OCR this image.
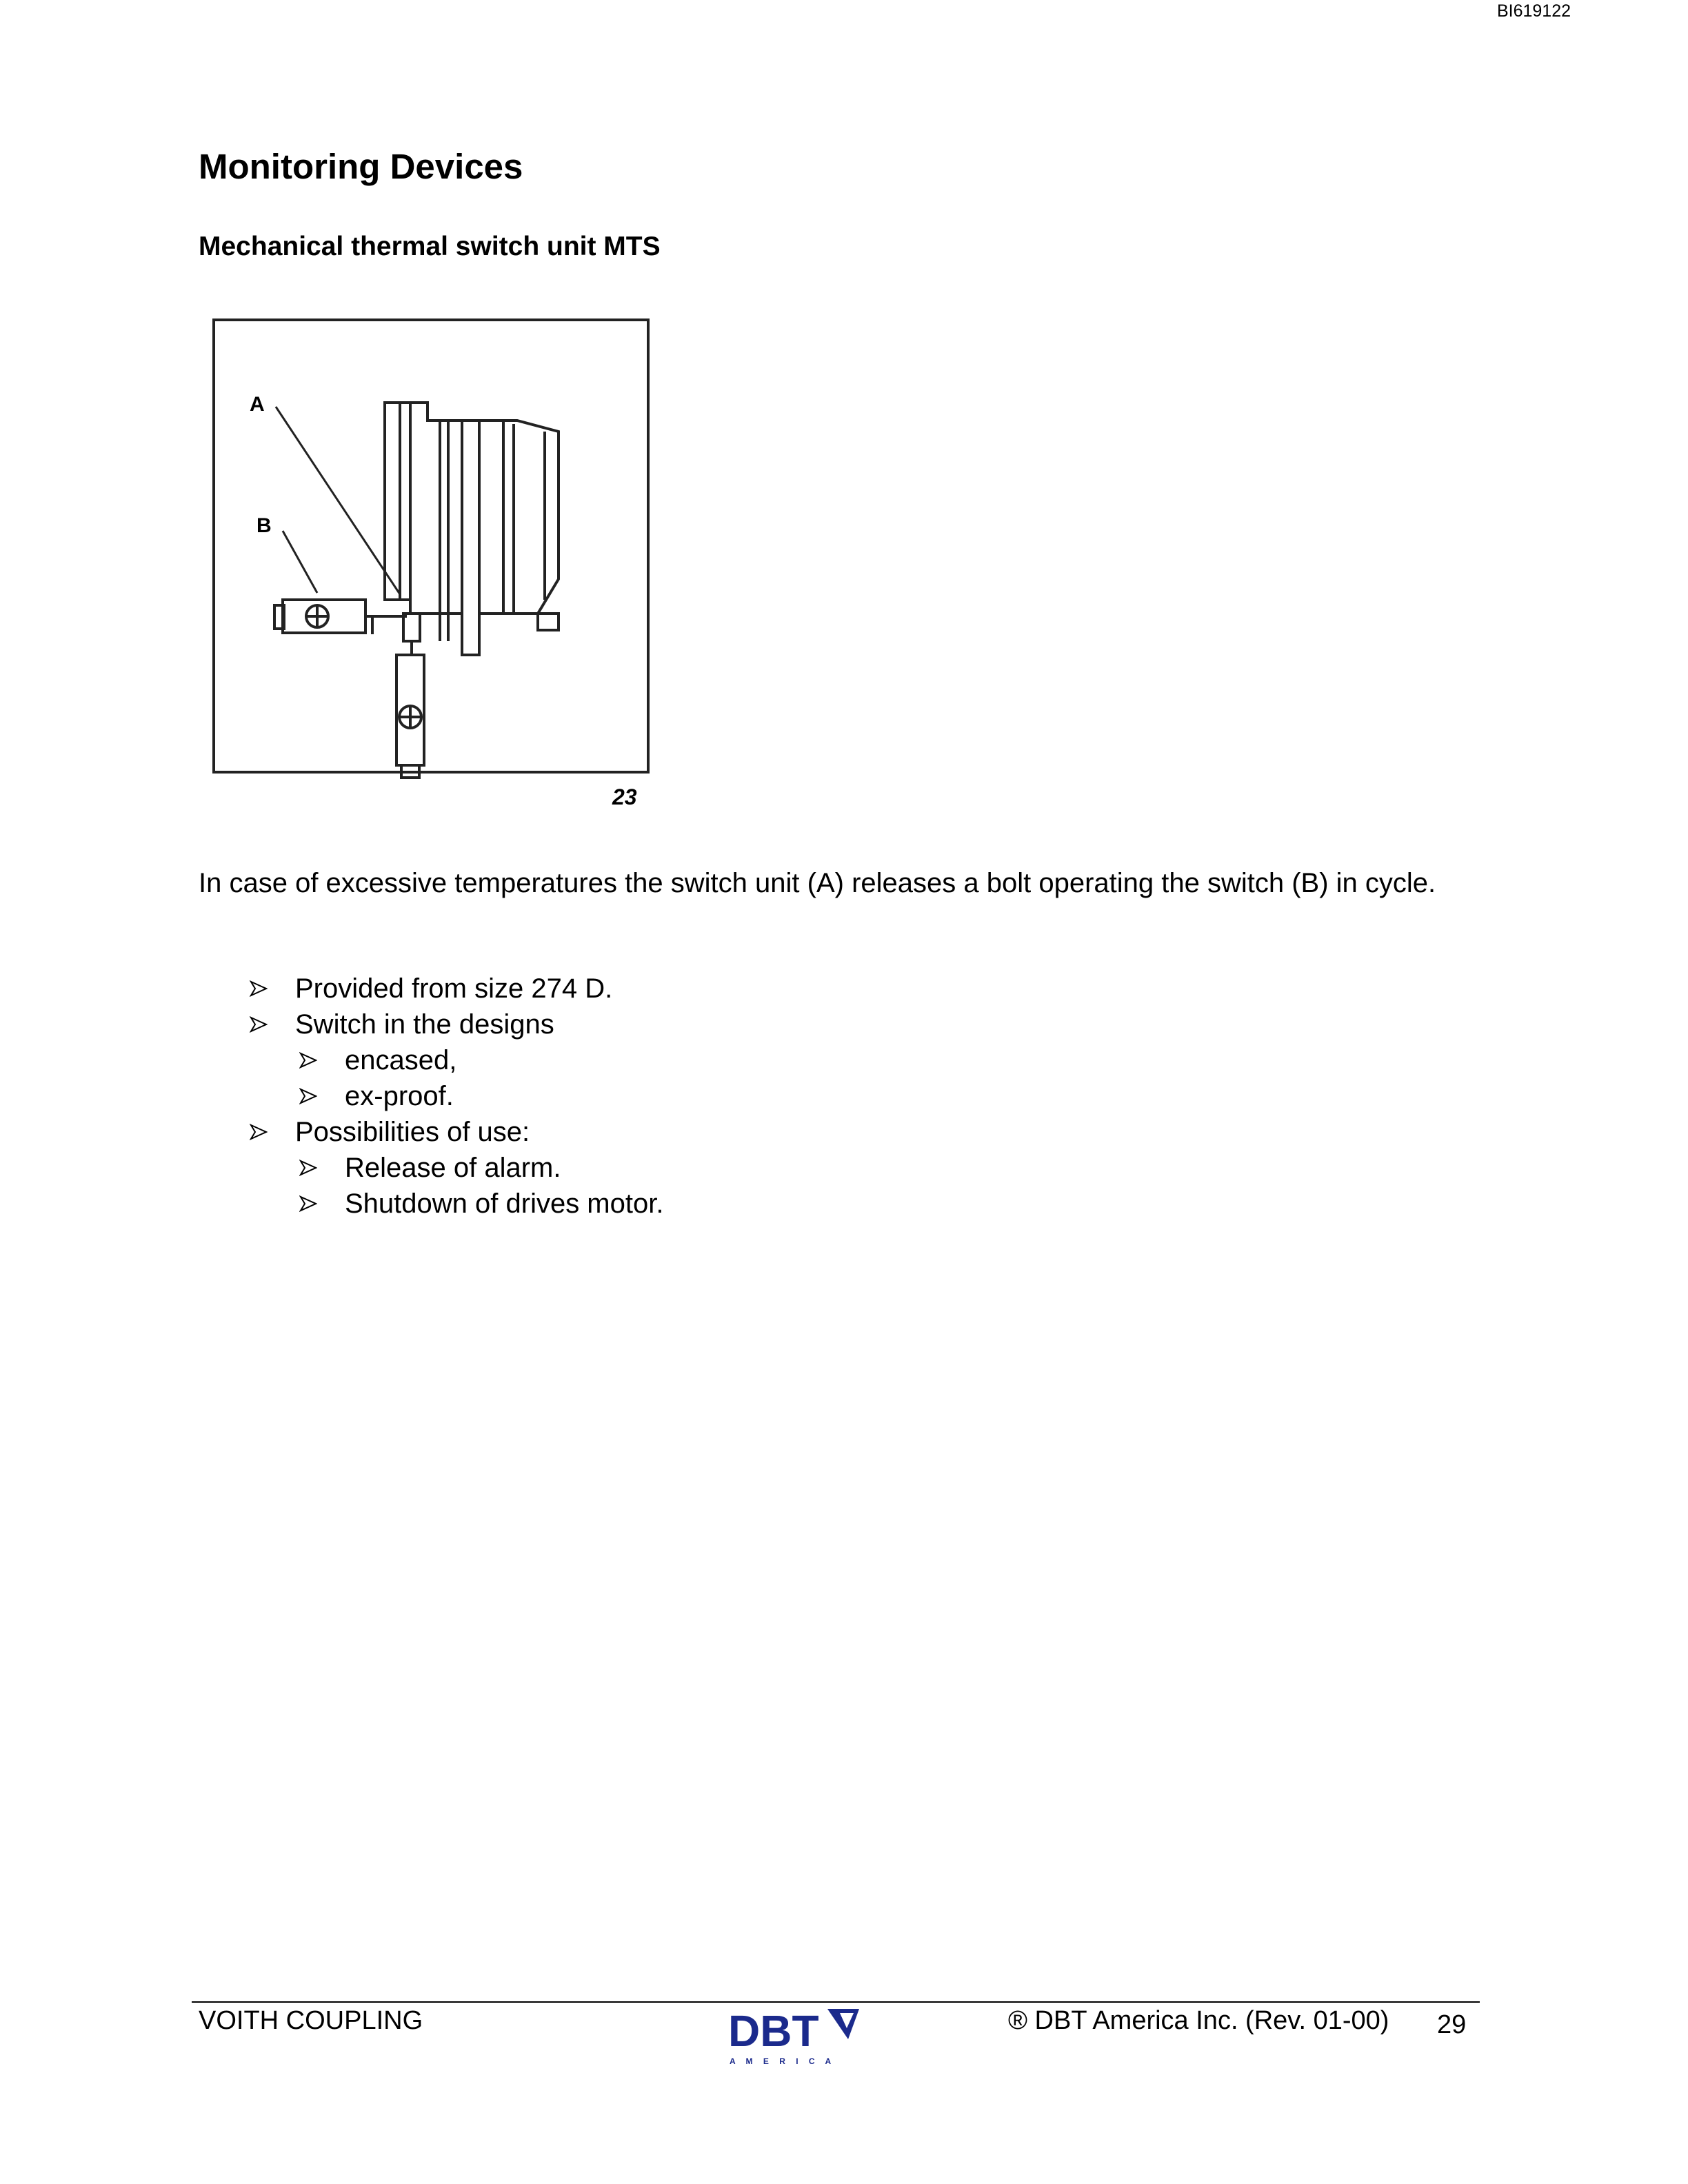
BI619122
Monitoring Devices
Mechanical thermal switch unit MTS
A
B
23

In case of excessive temperatures the switch unit (A) releases a bolt operating the switch (B) in cycle.

Provided from size 274 D.
Switch in the designs
encased,
ex-proof.
Possibilities of use:
Release of alarm.
Shutdown of drives motor.
VOITH COUPLING	DBT
A M E R I C A
® DBT America Inc. (Rev. 01-00) 29
